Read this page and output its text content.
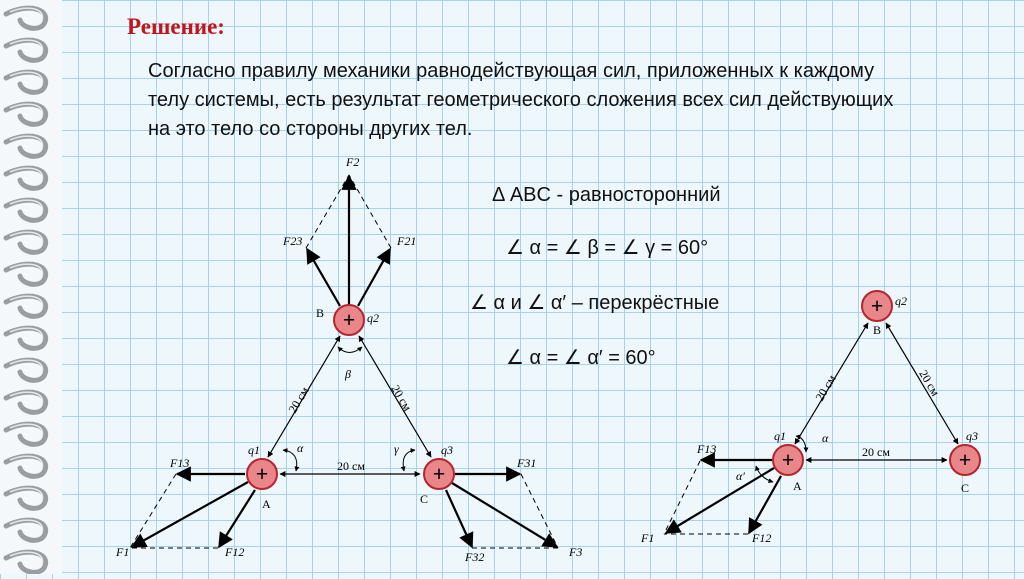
Решение:
Согласно правилу механики равнодействующая сил, приложенных к каждому телу системы, есть результат геометрического сложения всех сил действующих на это тело со стороны других тел.
Δ ABC - равносторонний
∠ α = ∠ β = ∠ γ = 60°
∠ α и ∠ α′ – перекрёстные
∠ α = ∠ α′ = 60°
+
+	+
B
A	C
q2
q1	q3
20 см
20 см	20 см
α
β
γ
F2
F23	F21
F13
F1	F12
F31
F32	F3
+
+	+
B
A	C
q2
q1	q3
20 см
20 см	20 см
α
α′
F13
F1	F12
